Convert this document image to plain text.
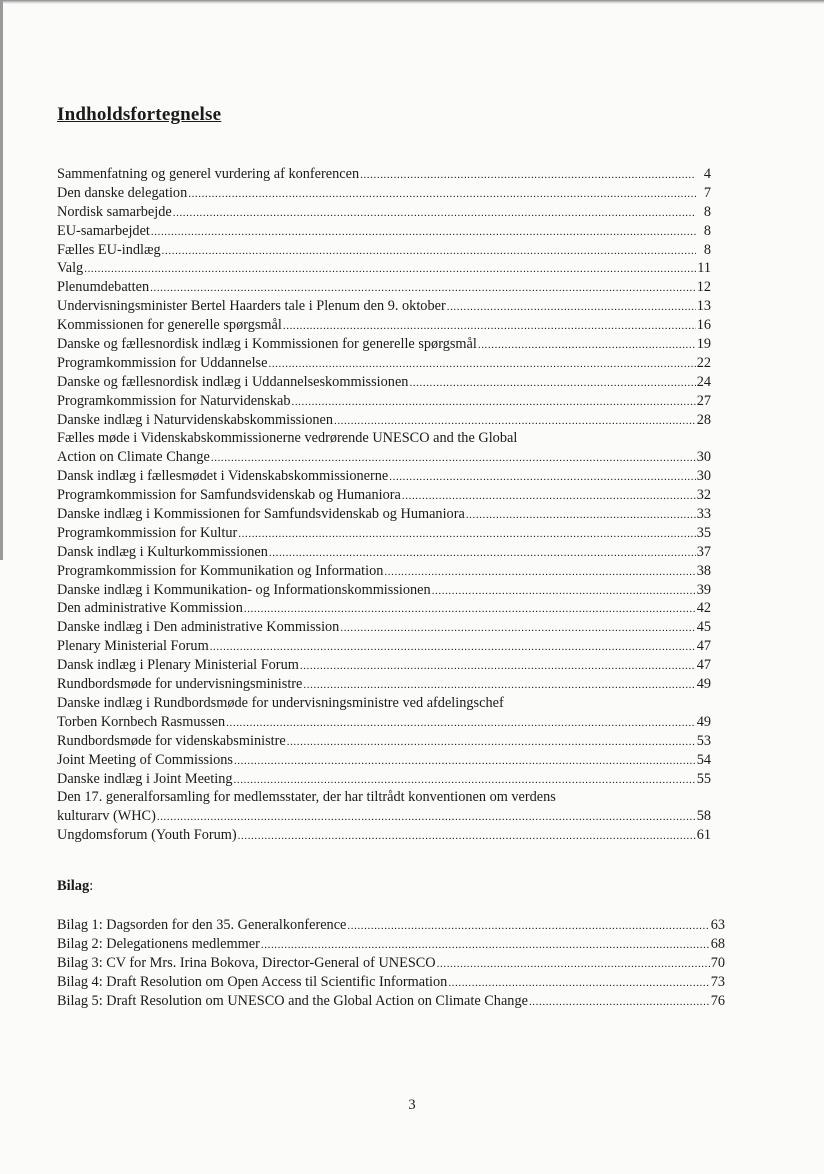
Indholdsfortegnelse
Sammenfatning og generel vurdering af konferencen .....	4
Den danske delegation .....	7
Nordisk samarbejde .....	8
EU-samarbejdet .....	8
Fælles EU-indlæg .....	8
Valg .....	11
Plenumdebatten .....	12
Undervisningsminister Bertel Haarders tale i Plenum den 9. oktober .....	13
Kommissionen for generelle spørgsmål .....	16
Danske og fællesnordisk indlæg i Kommissionen for generelle spørgsmål .....	19
Programkommission for Uddannelse .....	22
Danske og fællesnordisk indlæg i Uddannelseskommissionen .....	24
Programkommission for Naturvidenskab .....	27
Danske indlæg i Naturvidenskabskommissionen .....	28
Fælles møde i Videnskabskommissionerne vedrørende UNESCO and the Global
Action on Climate Change .....	30
Dansk indlæg i fællesmødet i Videnskabskommissionerne .....	30
Programkommission for Samfundsvidenskab og Humaniora .....	32
Danske indlæg i Kommissionen for Samfundsvidenskab og Humaniora .....	33
Programkommission for Kultur .....	35
Dansk indlæg i Kulturkommissionen .....	37
Programkommission for Kommunikation og Information .....	38
Danske indlæg i Kommunikation- og Informationskommissionen .....	39
Den administrative Kommission .....	42
Danske indlæg i Den administrative Kommission .....	45
Plenary Ministerial Forum .....	47
Dansk indlæg i Plenary Ministerial Forum .....	47
Rundbordsmøde for undervisningsministre .....	49
Danske indlæg i Rundbordsmøde for undervisningsministre ved afdelingschef
Torben Kornbech Rasmussen .....	49
Rundbordsmøde for videnskabsministre .....	53
Joint Meeting of Commissions .....	54
Danske indlæg i Joint Meeting .....	55
Den 17. generalforsamling for medlemsstater, der har tiltrådt konventionen om verdens
kulturarv (WHC) .....	58
Ungdomsforum (Youth Forum) .....	61
Bilag:
Bilag 1: Dagsorden for den 35. Generalkonference .....	63
Bilag 2: Delegationens medlemmer .....	68
Bilag 3: CV for Mrs. Irina Bokova, Director-General of UNESCO .....	70
Bilag 4: Draft Resolution om Open Access til Scientific Information .....	73
Bilag 5: Draft Resolution om UNESCO and the Global Action on Climate Change .....	76
3
